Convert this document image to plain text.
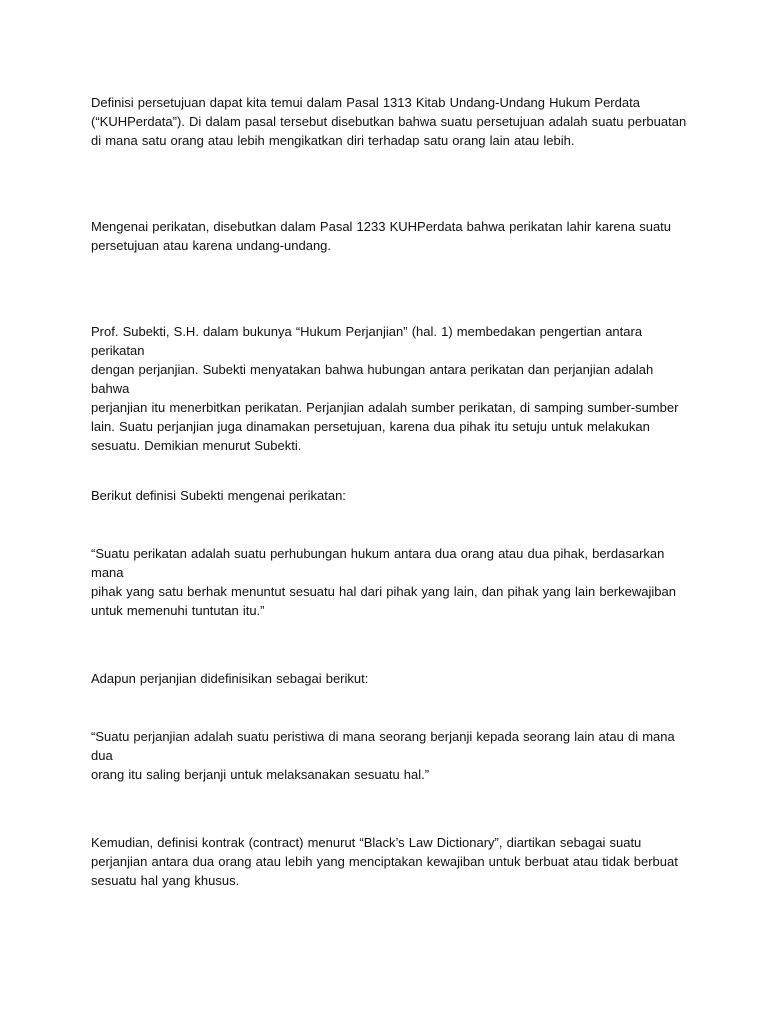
Definisi persetujuan dapat kita temui dalam Pasal 1313 Kitab Undang-Undang Hukum Perdata
(“KUHPerdata”). Di dalam pasal tersebut disebutkan bahwa suatu persetujuan adalah suatu perbuatan
di mana satu orang atau lebih mengikatkan diri terhadap satu orang lain atau lebih.

Mengenai perikatan, disebutkan dalam Pasal 1233 KUHPerdata bahwa perikatan lahir karena suatu
persetujuan atau karena undang-undang.

Prof. Subekti, S.H. dalam bukunya “Hukum Perjanjian” (hal. 1) membedakan pengertian antara perikatan
dengan perjanjian. Subekti menyatakan bahwa hubungan antara perikatan dan perjanjian adalah bahwa
perjanjian itu menerbitkan perikatan. Perjanjian adalah sumber perikatan, di samping sumber-sumber
lain. Suatu perjanjian juga dinamakan persetujuan, karena dua pihak itu setuju untuk melakukan
sesuatu. Demikian menurut Subekti.

Berikut definisi Subekti mengenai perikatan:

“Suatu perikatan adalah suatu perhubungan hukum antara dua orang atau dua pihak, berdasarkan mana
pihak yang satu berhak menuntut sesuatu hal dari pihak yang lain, dan pihak yang lain berkewajiban
untuk memenuhi tuntutan itu.”

Adapun perjanjian didefinisikan sebagai berikut:

“Suatu perjanjian adalah suatu peristiwa di mana seorang berjanji kepada seorang lain atau di mana dua
orang itu saling berjanji untuk melaksanakan sesuatu hal.”

Kemudian, definisi kontrak (contract) menurut “Black’s Law Dictionary”, diartikan sebagai suatu
perjanjian antara dua orang atau lebih yang menciptakan kewajiban untuk berbuat atau tidak berbuat
sesuatu hal yang khusus.
